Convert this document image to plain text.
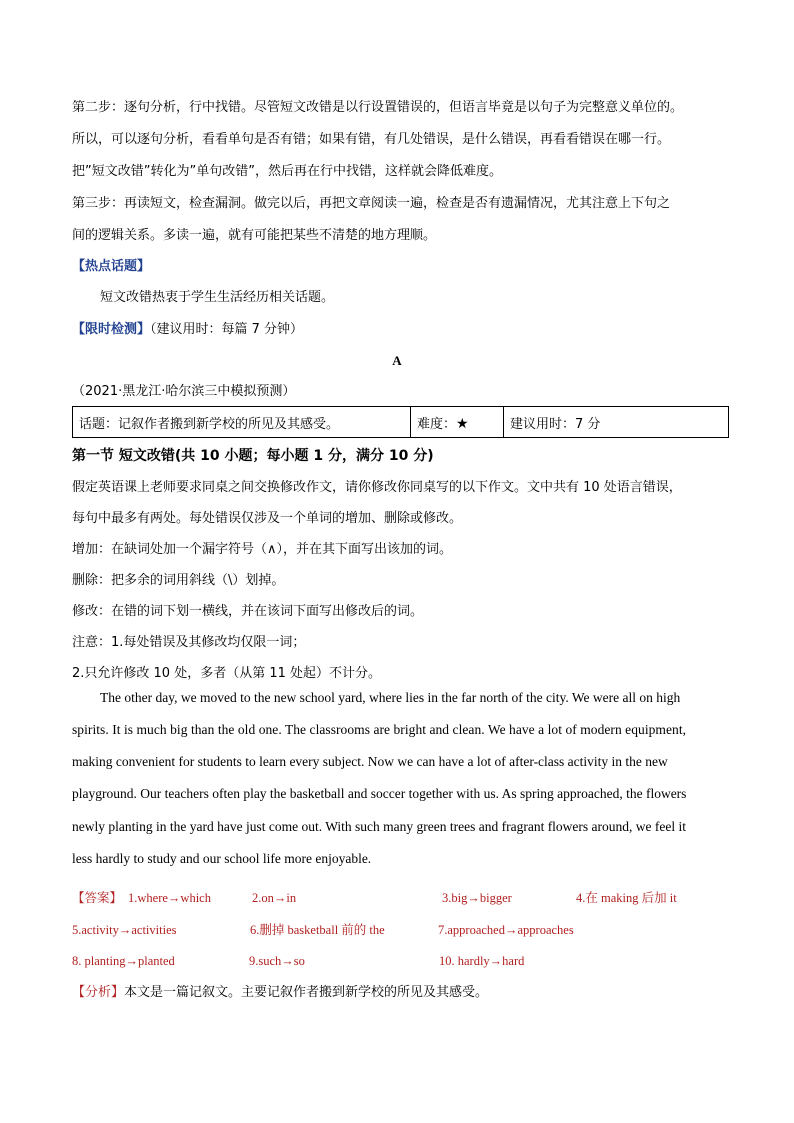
第二步：逐句分析，行中找错。尽管短文改错是以行设置错误的，但语言毕竟是以句子为完整意义单位的。
所以，可以逐句分析，看看单句是否有错；如果有错，有几处错误，是什么错误，再看看错误在哪一行。
把”短文改错”转化为”单句改错”，然后再在行中找错，这样就会降低难度。
第三步：再读短文，检查漏洞。做完以后，再把文章阅读一遍，检查是否有遗漏情况，尤其注意上下句之
间的逻辑关系。多读一遍，就有可能把某些不清楚的地方理顺。
【热点话题】
短文改错热衷于学生生活经历相关话题。
【限时检测】（建议用时：每篇 7 分钟）
A
（2021·黑龙江·哈尔滨三中模拟预测）
话题：记叙作者搬到新学校的所见及其感受。	难度：★	建议用时：7 分
第一节 短文改错(共 10 小题；每小题 1 分，满分 10 分)
假定英语课上老师要求同桌之间交换修改作文，请你修改你同桌写的以下作文。文中共有 10 处语言错误，
每句中最多有两处。每处错误仅涉及一个单词的增加、删除或修改。
增加：在缺词处加一个漏字符号（∧），并在其下面写出该加的词。
删除：把多余的词用斜线（\）划掉。
修改：在错的词下划一横线，并在该词下面写出修改后的词。
注意：1.每处错误及其修改均仅限一词；
2.只允许修改 10 处，多者（从第 11 处起）不计分。
The other day, we moved to the new school yard, where lies in the far north of the city. We were all on high
spirits. It is much big than the old one. The classrooms are bright and clean. We have a lot of modern equipment,
making convenient for students to learn every subject. Now we can have a lot of after-class activity in the new
playground. Our teachers often play the basketball and soccer together with us. As spring approached, the flowers
newly planting in the yard have just come out. With such many green trees and fragrant flowers around, we feel it
less hardly to study and our school life more enjoyable.
【答案】 1.where→which	2.on→in	3.big→bigger	4.在 making 后加 it
5.activity→activities	6.删掉 basketball 前的 the	7.approached→approaches
8. planting→planted	9.such→so	10. hardly→hard
【分析】本文是一篇记叙文。主要记叙作者搬到新学校的所见及其感受。
